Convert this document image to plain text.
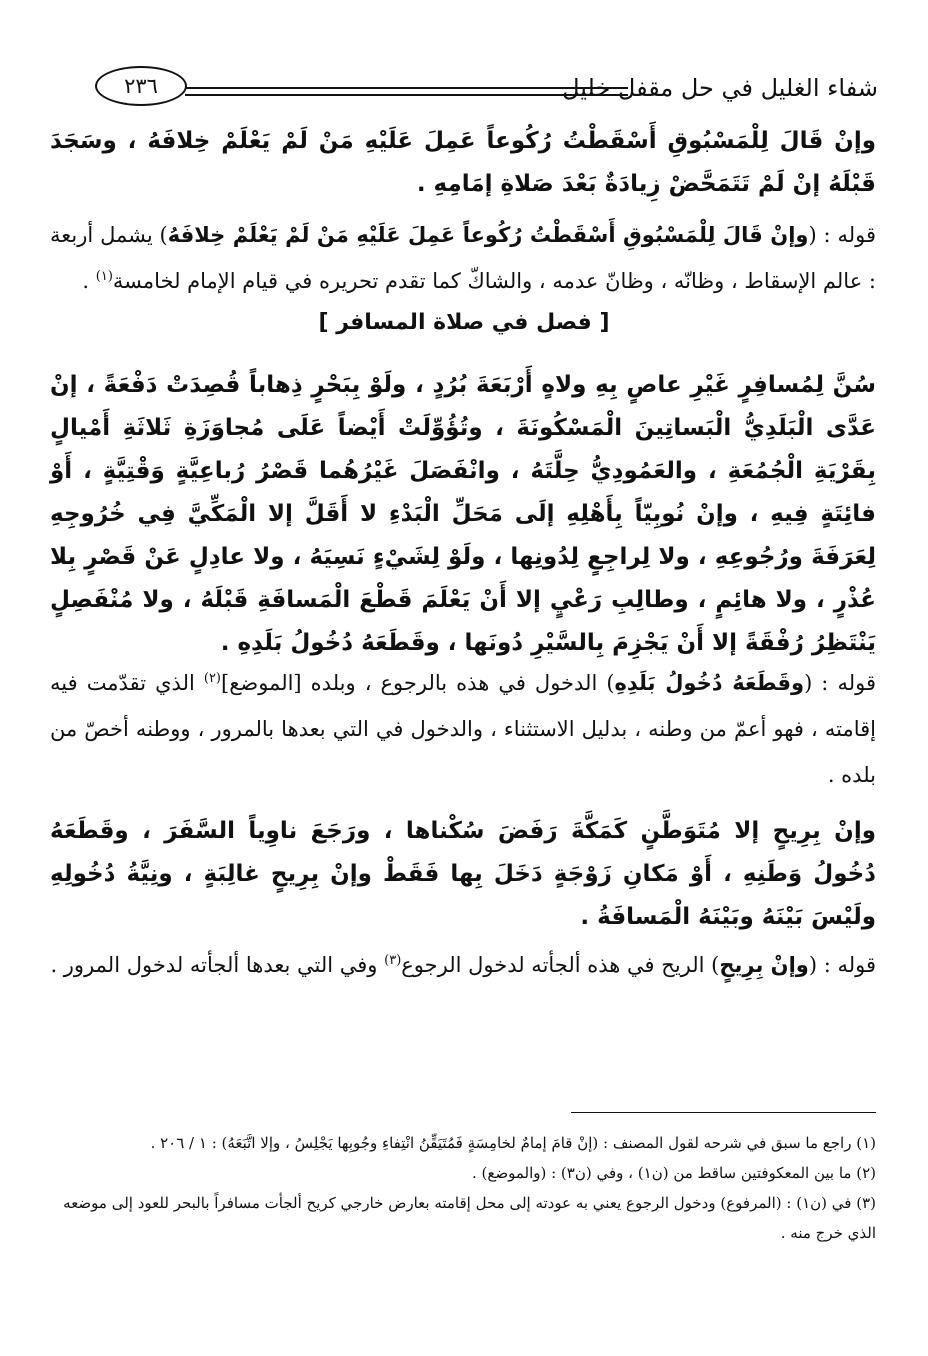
شفاء الغليل في حل مقفل خليل
٢٣٦
وإنْ قَالَ لِلْمَسْبُوقِ أَسْقَطْتُ رُكُوعاً عَمِلَ عَلَيْهِ مَنْ لَمْ يَعْلَمْ خِلافَهُ ، وسَجَدَ قَبْلَهُ إنْ لَمْ تَتَمَحَّضْ زِيادَةٌ بَعْدَ صَلاةِ إمَامِهِ .
قوله : (وإنْ قَالَ لِلْمَسْبُوقِ أَسْقَطْتُ رُكُوعاً عَمِلَ عَلَيْهِ مَنْ لَمْ يَعْلَمْ خِلافَهُ) يشمل أربعة : عالم الإسقاط ، وظانّه ، وظانّ عدمه ، والشاكّ كما تقدم تحريره في قيام الإمام لخامسة$^{(١)}$ .
[ فصل في صلاة المسافر ]
سُنَّ لِمُسافِرٍ غَيْرِ عاصٍ بِهِ ولاهٍ أَرْبَعَةَ بُرُدٍ ، ولَوْ بِبَحْرٍ ذِهاباً قُصِدَتْ دَفْعَةً ، إنْ عَدَّى الْبَلَدِيُّ الْبَساتِينَ الْمَسْكُونَةَ ، وتُؤُوِّلَتْ أَيْضاً عَلَى مُجاوَزَةِ ثَلاثَةِ أَمْيالٍ بِقَرْيَةِ الْجُمُعَةِ ، والعَمُودِيُّ حِلَّتَهُ ، وانْفَصَلَ غَيْرُهُما قَصْرُ رُباعِيَّةٍ وَقْتِيَّةٍ ، أَوْ فائِتَةٍ فِيهِ ، وإنْ نُوبِيّاً بِأَهْلِهِ إلَى مَحَلِّ الْبَدْءِ لا أَقَلَّ إلا الْمَكِّيَّ فِي خُرُوجِهِ لِعَرَفَةَ ورُجُوعِهِ ، ولا لِراجِعٍ لِدُونِها ، ولَوْ لِشَيْءٍ نَسِيَهُ ، ولا عادِلٍ عَنْ قَصْرٍ بِلا عُذْرٍ ، ولا هائِمٍ ، وطالِبِ رَعْيٍ إلا أَنْ يَعْلَمَ قَطْعَ الْمَسافَةِ قَبْلَهُ ، ولا مُنْفَصِلٍ يَنْتَظِرُ رُفْقَةً إلا أَنْ يَجْزِمَ بِالسَّيْرِ دُونَها ، وقَطَعَهُ دُخُولُ بَلَدِهِ .
قوله : (وقَطَعَهُ دُخُولُ بَلَدِهِ) الدخول في هذه بالرجوع ، وبلده [الموضع]$^{(٢)}$ الذي تقدّمت فيه إقامته ، فهو أعمّ من وطنه ، بدليل الاستثناء ، والدخول في التي بعدها بالمرور ، ووطنه أخصّ من بلده .
وإنْ بِرِيحٍ إلا مُتَوَطَّنٍ كَمَكَّةَ رَفَضَ سُكْناها ، ورَجَعَ ناوِياً السَّفَرَ ، وقَطَعَهُ دُخُولُ وَطَنِهِ ، أَوْ مَكانِ زَوْجَةٍ دَخَلَ بِها فَقَطْ وإنْ بِرِيحٍ غالِبَةٍ ، ونِيَّةُ دُخُولِهِ ولَيْسَ بَيْنَهُ وبَيْنَهُ الْمَسافَةُ .
قوله : (وإنْ بِرِيحٍ) الريح في هذه ألجأته لدخول الرجوع$^{(٣)}$ وفي التي بعدها ألجأته لدخول المرور .

(١) راجع ما سبق في شرحه لقول المصنف : (إنْ قامَ إمامٌ لخامِسَةٍ فَمُتَيَقِّنُ انْتِفاءِ وجُوبِها يَجْلِسُ ، وإلا اتَّبَعَهُ) : ١ / ٢٠٦ .

(٢) ما بين المعكوفتين ساقط من (ن١) ، وفي (ن٣) : (والموضع) .

(٣) في (ن١) : (المرفوع) ودخول الرجوع يعني به عودته إلى محل إقامته بعارض خارجي كريح ألجأت مسافراً بالبحر للعود إلى موضعه الذي خرج منه .
